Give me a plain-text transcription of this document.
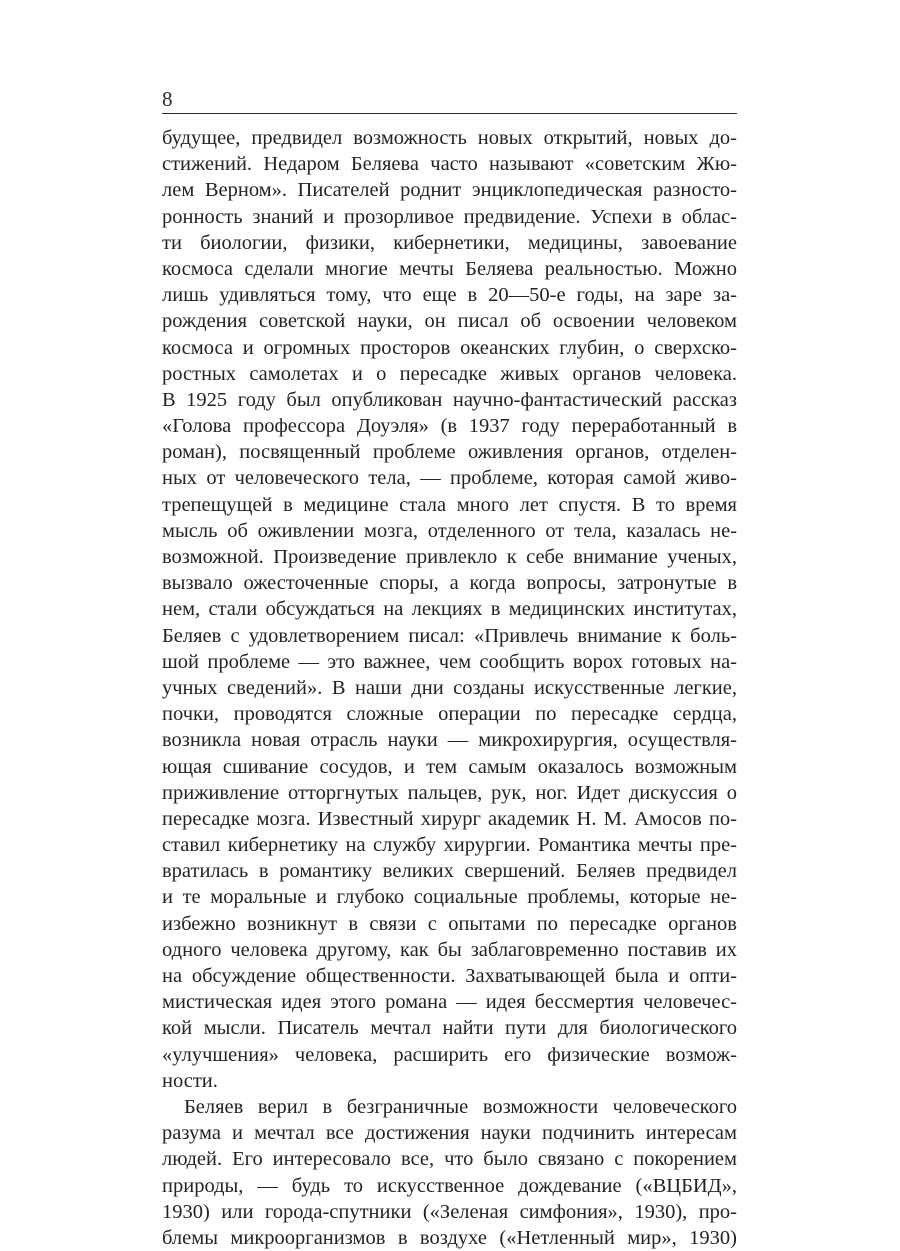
8
будущее, предвидел возможность новых открытий, новых до-
стижений. Недаром Беляева часто называют «советским Жю-
лем Верном». Писателей роднит энциклопедическая разносто-
ронность знаний и прозорливое предвидение. Успехи в облас-
ти биологии, физики, кибернетики, медицины, завоевание
космоса сделали многие мечты Беляева реальностью. Можно
лишь удивляться тому, что еще в 20—50-е годы, на заре за-
рождения советской науки, он писал об освоении человеком
космоса и огромных просторов океанских глубин, о сверхско-
ростных самолетах и о пересадке живых органов человека.
В 1925 году был опубликован научно-фантастический рассказ
«Голова профессора Доуэля» (в 1937 году переработанный в
роман), посвященный проблеме оживления органов, отделен-
ных от человеческого тела, — проблеме, которая самой живо-
трепещущей в медицине стала много лет спустя. В то время
мысль об оживлении мозга, отделенного от тела, казалась не-
возможной. Произведение привлекло к себе внимание ученых,
вызвало ожесточенные споры, а когда вопросы, затронутые в
нем, стали обсуждаться на лекциях в медицинских институтах,
Беляев с удовлетворением писал: «Привлечь внимание к боль-
шой проблеме — это важнее, чем сообщить ворох готовых на-
учных сведений». В наши дни созданы искусственные легкие,
почки, проводятся сложные операции по пересадке сердца,
возникла новая отрасль науки — микрохирургия, осуществля-
ющая сшивание сосудов, и тем самым оказалось возможным
приживление отторгнутых пальцев, рук, ног. Идет дискуссия о
пересадке мозга. Известный хирург академик Н. М. Амосов по-
ставил кибернетику на службу хирургии. Романтика мечты пре-
вратилась в романтику великих свершений. Беляев предвидел
и те моральные и глубоко социальные проблемы, которые не-
избежно возникнут в связи с опытами по пересадке органов
одного человека другому, как бы заблаговременно поставив их
на обсуждение общественности. Захватывающей была и опти-
мистическая идея этого романа — идея бессмертия человечес-
кой мысли. Писатель мечтал найти пути для биологического
«улучшения» человека, расширить его физические возмож-
ности.
Беляев верил в безграничные возможности человеческого
разума и мечтал все достижения науки подчинить интересам
людей. Его интересовало все, что было связано с покорением
природы, — будь то искусственное дождевание («ВЦБИД»,
1930) или города-спутники («Зеленая симфония», 1930), про-
блемы микроорганизмов в воздухе («Нетленный мир», 1930)
